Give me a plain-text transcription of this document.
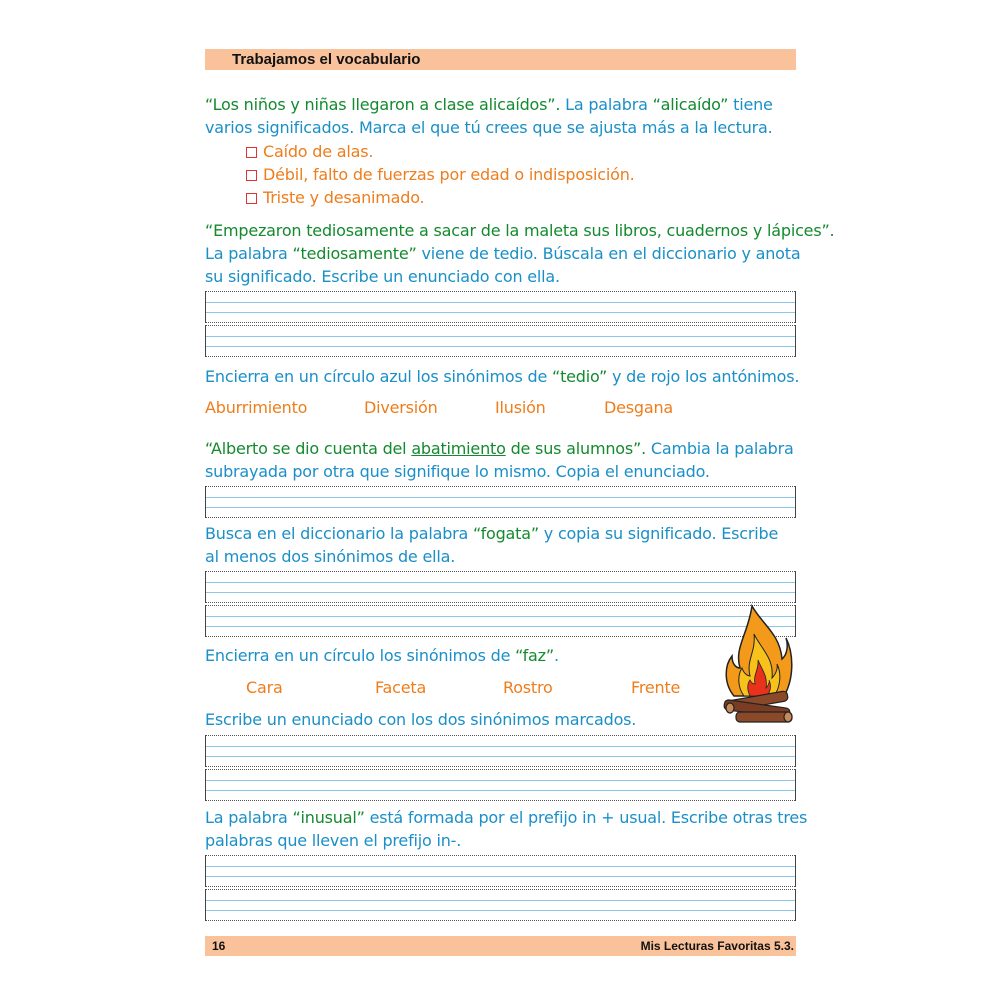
Trabajamos el vocabulario
“Los niños y niñas llegaron a clase alicaídos”. La palabra “alicaído” tiene
varios significados. Marca el que tú crees que se ajusta más a la lectura.
Caído de alas.
Débil, falto de fuerzas por edad o indisposición.
Triste y desanimado.
“Empezaron tediosamente a sacar de la maleta sus libros, cuadernos y lápices”.
La palabra “tediosamente” viene de tedio. Búscala en el diccionario y anota
su significado. Escribe un enunciado con ella.
Encierra en un círculo azul los sinónimos de “tedio” y de rojo los antónimos.
Aburrimiento	Diversión	Ilusión	Desgana
“Alberto se dio cuenta del abatimiento de sus alumnos”. Cambia la palabra
subrayada por otra que signifique lo mismo. Copia el enunciado.
Busca en el diccionario la palabra “fogata” y copia su significado. Escribe
al menos dos sinónimos de ella.
Encierra en un círculo los sinónimos de “faz”.
Cara	Faceta	Rostro	Frente
Escribe un enunciado con los dos sinónimos marcados.
La palabra “inusual” está formada por el prefijo in + usual. Escribe otras tres
palabras que lleven el prefijo in-.
16	Mis Lecturas Favoritas 5.3.
